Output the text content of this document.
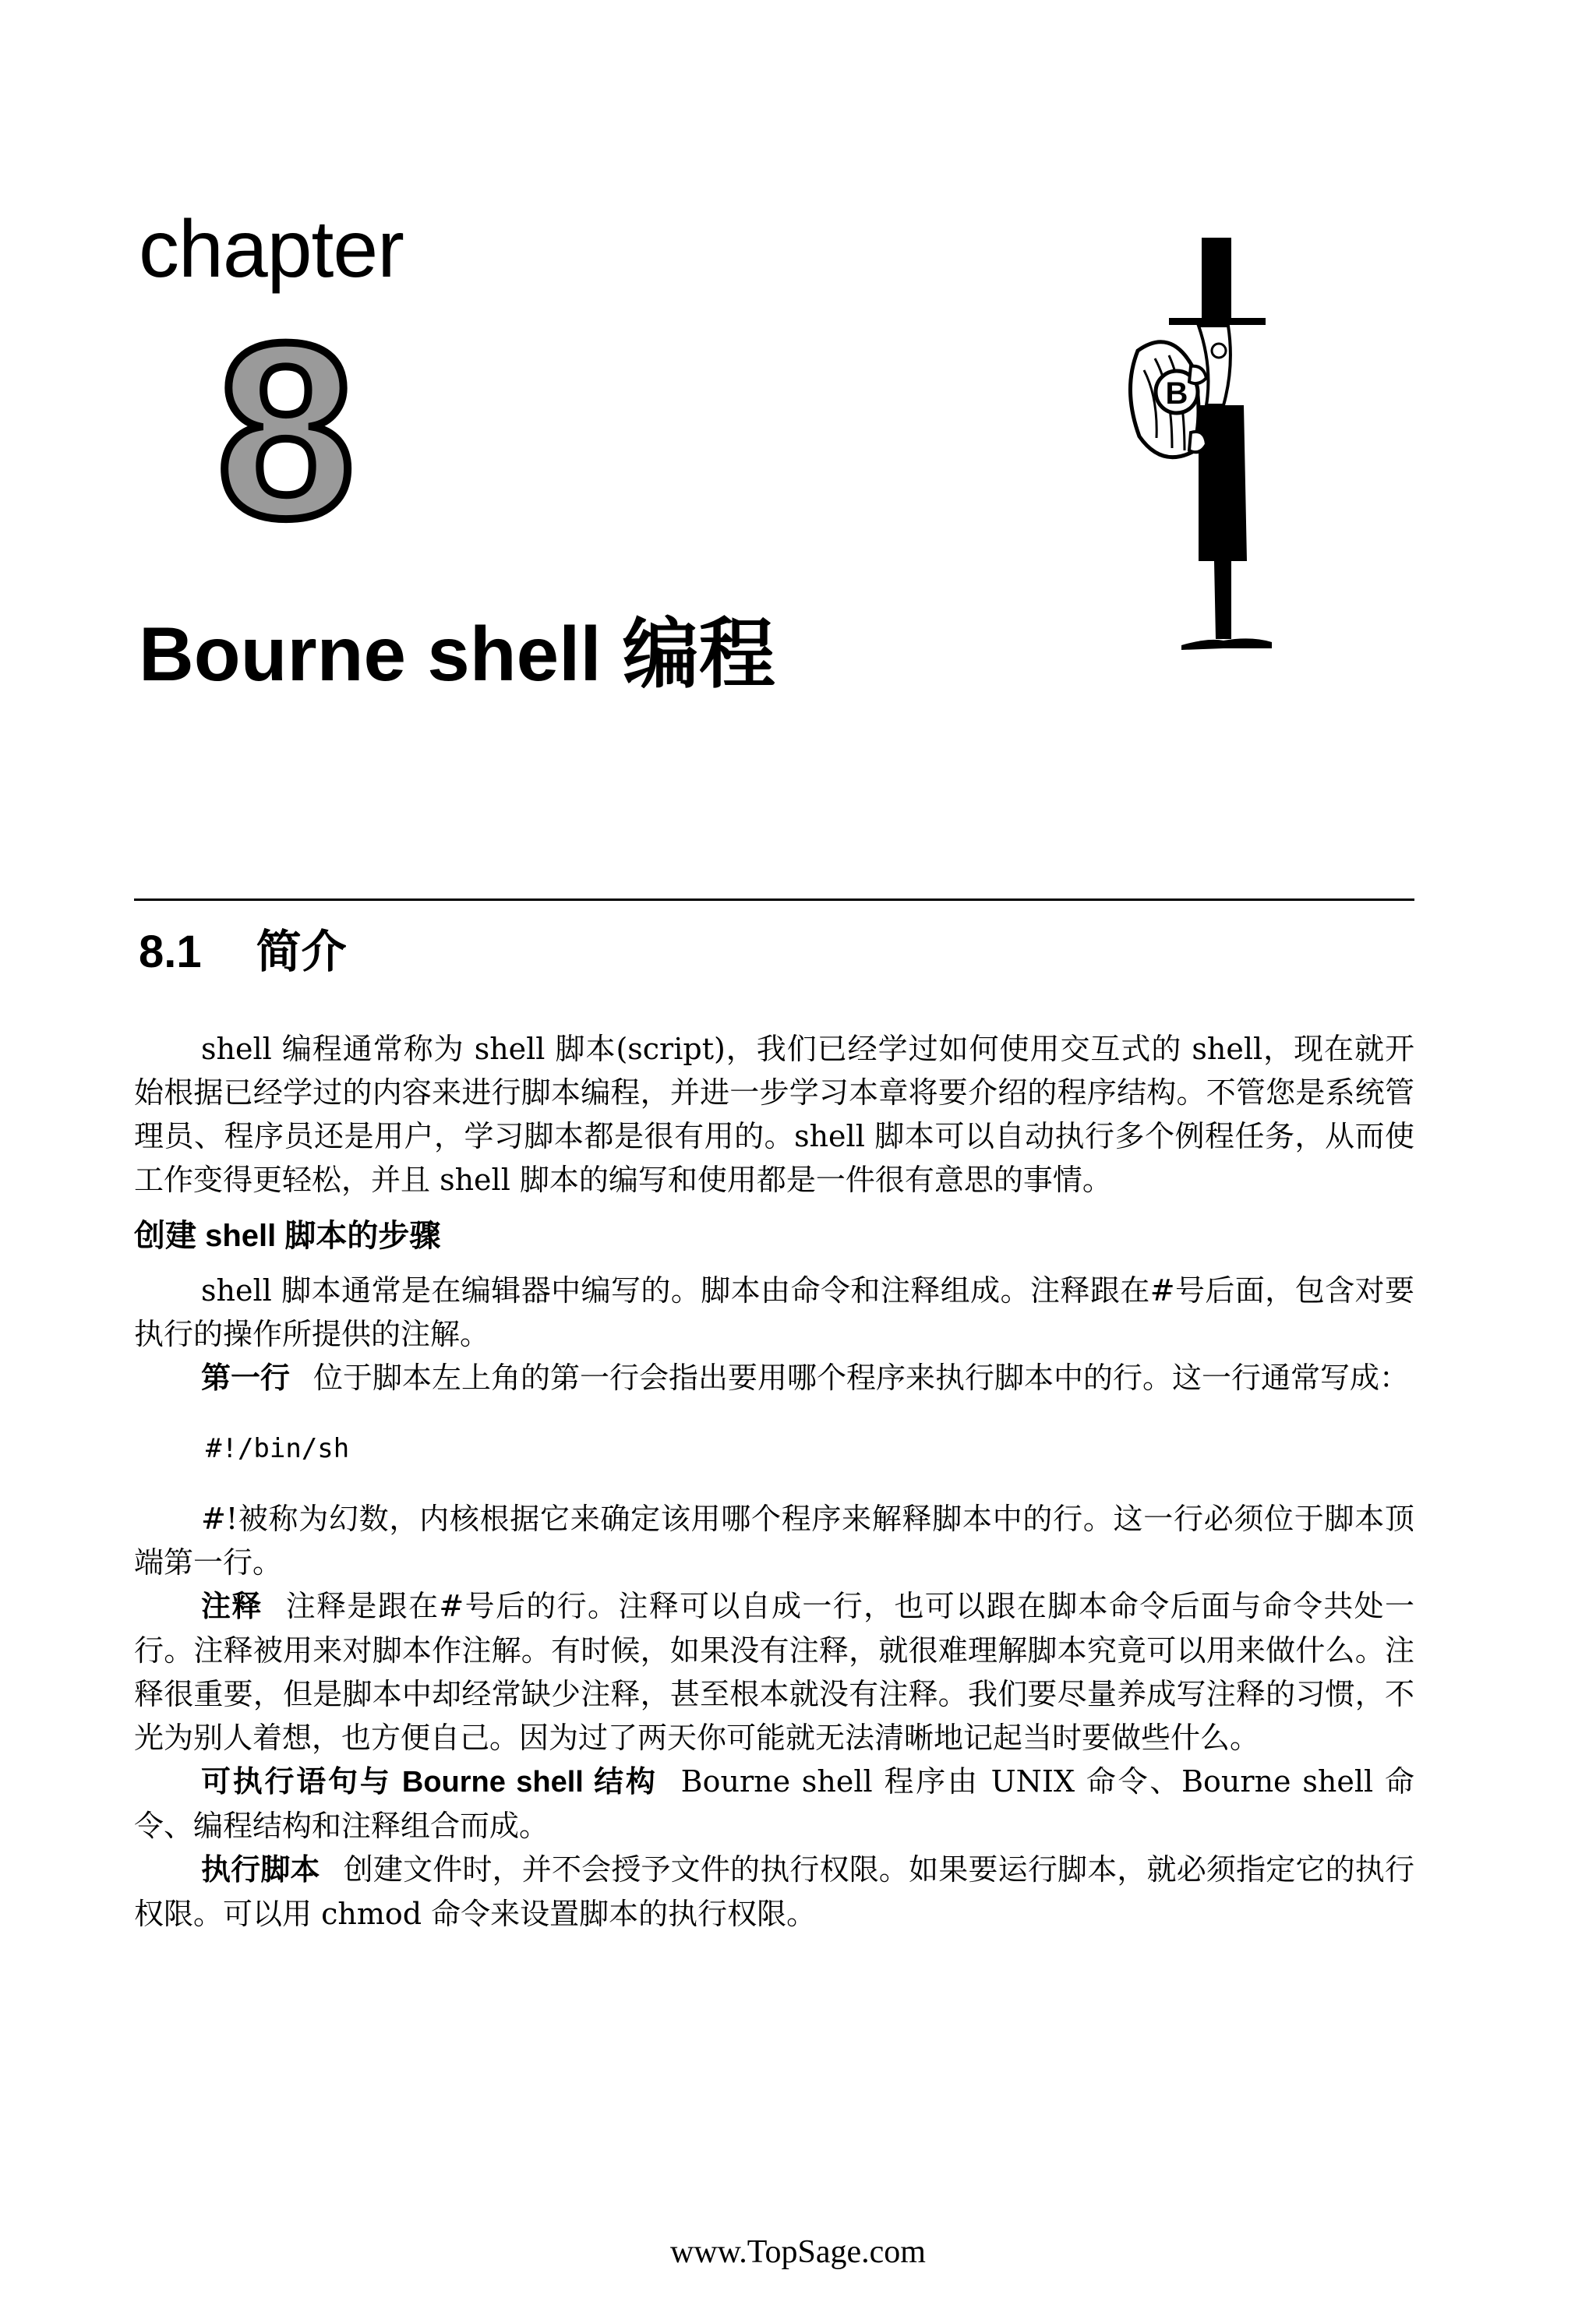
chapter
8
Bourne shell 编程
B
8.1 简介

shell 编程通常称为 shell 脚本(script)，我们已经学过如何使用交互式的 shell，现在就开始根据已经学过的内容来进行脚本编程，并进一步学习本章将要介绍的程序结构。不管您是系统管理员、程序员还是用户，学习脚本都是很有用的。shell 脚本可以自动执行多个例程任务，从而使工作变得更轻松，并且 shell 脚本的编写和使用都是一件很有意思的事情。

创建 shell 脚本的步骤

shell 脚本通常是在编辑器中编写的。脚本由命令和注释组成。注释跟在#号后面，包含对要执行的操作所提供的注解。

第一行 位于脚本左上角的第一行会指出要用哪个程序来执行脚本中的行。这一行通常写成：

#!/bin/sh

#!被称为幻数，内核根据它来确定该用哪个程序来解释脚本中的行。这一行必须位于脚本顶端第一行。

注释 注释是跟在#号后的行。注释可以自成一行，也可以跟在脚本命令后面与命令共处一行。注释被用来对脚本作注解。有时候，如果没有注释，就很难理解脚本究竟可以用来做什么。注释很重要，但是脚本中却经常缺少注释，甚至根本就没有注释。我们要尽量养成写注释的习惯，不光为别人着想，也方便自己。因为过了两天你可能就无法清晰地记起当时要做些什么。

可执行语句与 Bourne shell 结构 Bourne shell 程序由 UNIX 命令、Bourne shell 命令、编程结构和注释组合而成。

执行脚本 创建文件时，并不会授予文件的执行权限。如果要运行脚本，就必须指定它的执行权限。可以用 chmod 命令来设置脚本的执行权限。

www.TopSage.com
